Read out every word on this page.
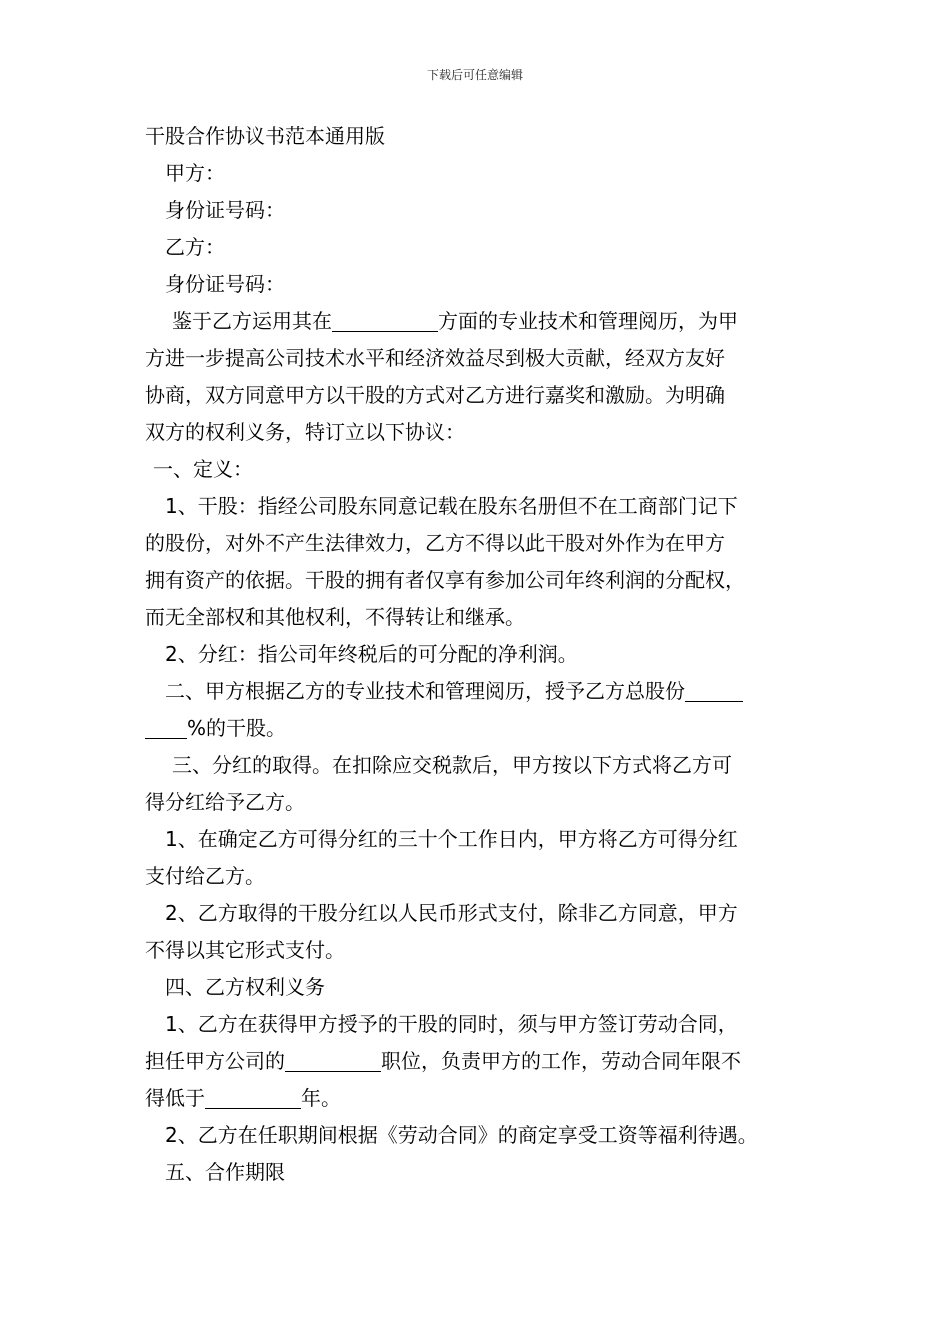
下载后可任意编辑

干股合作协议书范本通用版

甲方：

身份证号码：

乙方：

身份证号码：

鉴于乙方运用其在	方面的专业技术和管理阅历，为甲

方进一步提高公司技术水平和经济效益尽到极大贡献，经双方友好

协商，双方同意甲方以干股的方式对乙方进行嘉奖和激励。为明确

双方的权利义务，特订立以下协议：

一、定义：

1、干股：指经公司股东同意记载在股东名册但不在工商部门记下

的股份，对外不产生法律效力，乙方不得以此干股对外作为在甲方

拥有资产的依据。干股的拥有者仅享有参加公司年终利润的分配权，

而无全部权和其他权利，不得转让和继承。

2、分红：指公司年终税后的可分配的净利润。

二、甲方根据乙方的专业技术和管理阅历，授予乙方总股份

%的干股。

三、分红的取得。在扣除应交税款后，甲方按以下方式将乙方可

得分红给予乙方。

1、在确定乙方可得分红的三十个工作日内，甲方将乙方可得分红

支付给乙方。

2、乙方取得的干股分红以人民币形式支付，除非乙方同意，甲方

不得以其它形式支付。

四、乙方权利义务

1、乙方在获得甲方授予的干股的同时，须与甲方签订劳动合同，

担任甲方公司的	职位，负责甲方的工作，劳动合同年限不

得低于	年。

2、乙方在任职期间根据《劳动合同》的商定享受工资等福利待遇。

五、合作期限
